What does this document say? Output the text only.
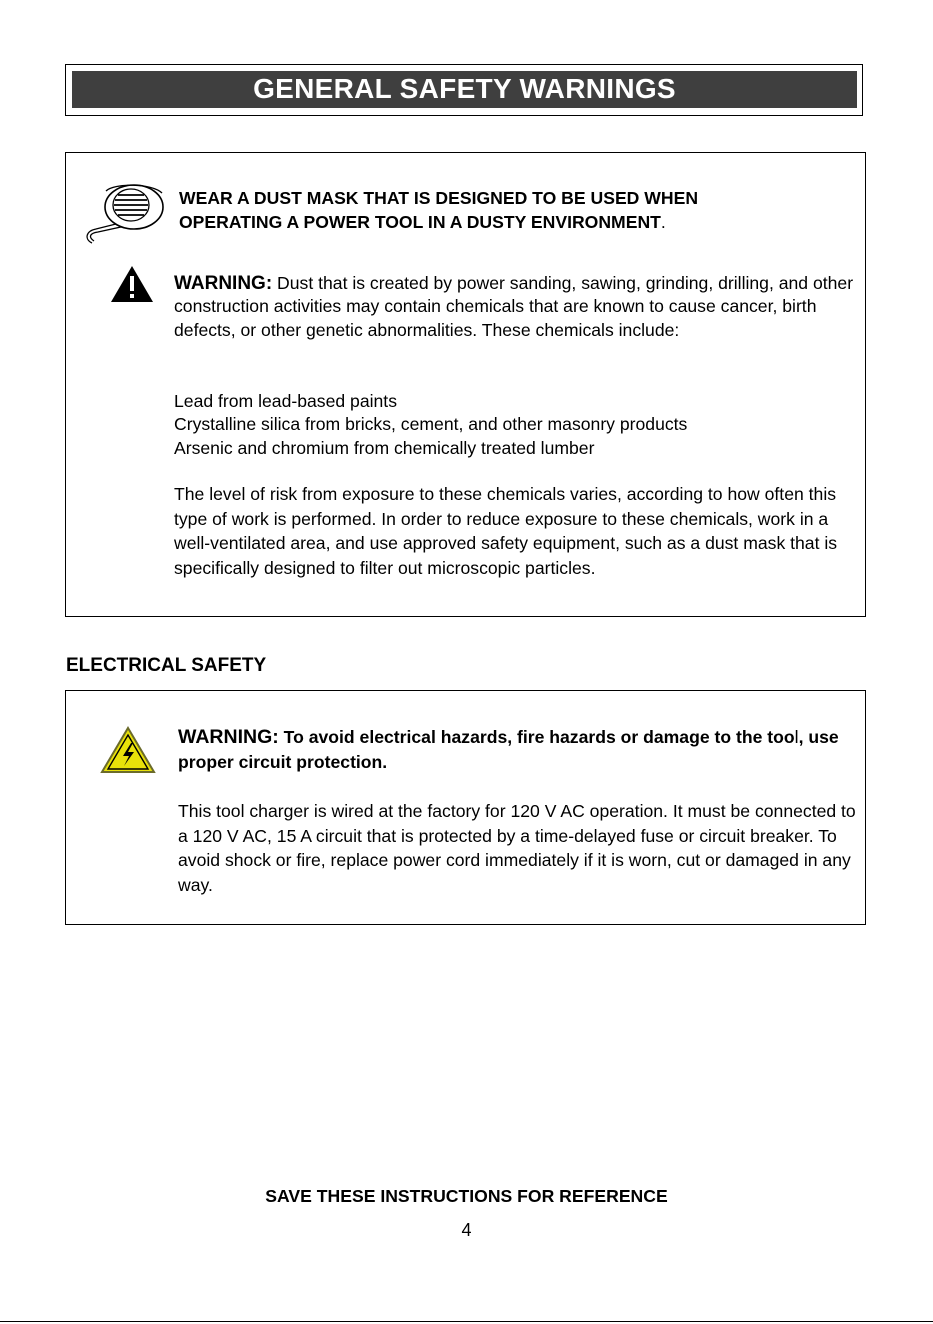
GENERAL SAFETY WARNINGS
WEAR A DUST MASK THAT IS DESIGNED TO BE USED WHEN
OPERATING A POWER TOOL IN A DUSTY ENVIRONMENT.
WARNING: Dust that is created by power sanding, sawing, grinding, drilling, and other construction activities may contain chemicals that are known to cause cancer, birth defects, or other genetic abnormalities. These chemicals include:
Lead from lead-based paints
Crystalline silica from bricks, cement, and other masonry products
Arsenic and chromium from chemically treated lumber
The level of risk from exposure to these chemicals varies, according to how often this type of work is performed. In order to reduce exposure to these chemicals, work in a well-ventilated area, and use approved safety equipment, such as a dust mask that is specifically designed to filter out microscopic particles.
ELECTRICAL SAFETY
WARNING: To avoid electrical hazards, fire hazards or damage to the tool, use proper circuit protection.
This tool charger is wired at the factory for 120 V AC operation. It must be connected to a 120 V AC, 15 A circuit that is protected by a time-delayed fuse or circuit breaker. To avoid shock or fire, replace power cord immediately if it is worn, cut or damaged in any way.
SAVE THESE INSTRUCTIONS FOR REFERENCE
4
